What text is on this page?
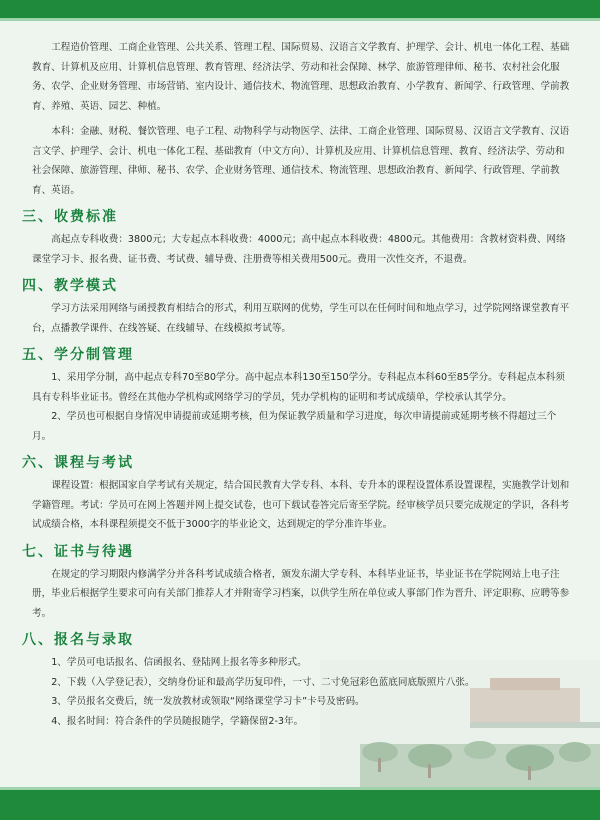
工程造价管理、工商企业管理、公共关系、管理工程、国际贸易、汉语言文学教育、护理学、会计、机电一体化工程、基础教育、计算机及应用、计算机信息管理、教育管理、经济法学、劳动和社会保障、林学、旅游管理律师、秘书、农村社会化服务、农学、企业财务管理、市场营销、室内设计、通信技术、物流管理、思想政治教育、小学教育、新闻学、行政管理、学前教育、养殖、英语、园艺、种植。

本科：金融、财税、餐饮管理、电子工程、动物科学与动物医学、法律、工商企业管理、国际贸易、汉语言文学教育、汉语言文学、护理学、会计、机电一体化工程、基础教育（中文方向）、计算机及应用、计算机信息管理、教育、经济法学、劳动和社会保障、旅游管理、律师、秘书、农学、企业财务管理、通信技术、物流管理、思想政治教育、新闻学、行政管理、学前教育、英语。

三、收费标准

高起点专科收费：3800元；大专起点本科收费：4000元；高中起点本科收费：4800元。其他费用：含教材资料费、网络课堂学习卡、报名费、证书费、考试费、辅导费、注册费等相关费用500元。费用一次性交齐，不退费。

四、教学模式

学习方法采用网络与函授教育相结合的形式，利用互联网的优势，学生可以在任何时间和地点学习，过学院网络课堂教育平台，点播教学课件、在线答疑、在线辅导、在线模拟考试等。

五、学分制管理

1、采用学分制，高中起点专科70至80学分。高中起点本科130至150学分。专科起点本科60至85学分。专科起点本科须具有专科毕业证书。曾经在其他办学机构或网络学习的学员，凭办学机构的证明和考试成绩单，学校承认其学分。

2、学员也可根据自身情况申请提前或延期考核，但为保证教学质量和学习进度，每次申请提前或延期考核不得超过三个月。

六、课程与考试

课程设置：根据国家自学考试有关规定，结合国民教育大学专科、本科、专升本的课程设置体系设置课程，实施教学计划和学籍管理。考试：学员可在网上答题并网上提交试卷，也可下载试卷答完后寄至学院。经审核学员只要完成规定的学识，各科考试成绩合格，本科课程须提交不低于3000字的毕业论文，达到规定的学分准许毕业。

七、证书与待遇

在规定的学习期限内修满学分并各科考试成绩合格者，颁发东湖大学专科、本科毕业证书，毕业证书在学院网站上电子注册，毕业后根据学生要求可向有关部门推荐人才并附寄学习档案，以供学生所在单位或人事部门作为晋升、评定职称、应聘等参考。

八、报名与录取

1、学员可电话报名、信函报名、登陆网上报名等多种形式。

2、下载（入学登记表），交纳身份证和最高学历复印件，一寸、二寸免冠彩色蓝底同底版照片八张。

3、学员报名交费后，统一发放教材或领取“网络课堂学习卡”卡号及密码。

4、报名时间：符合条件的学员随报随学，学籍保留2-3年。
